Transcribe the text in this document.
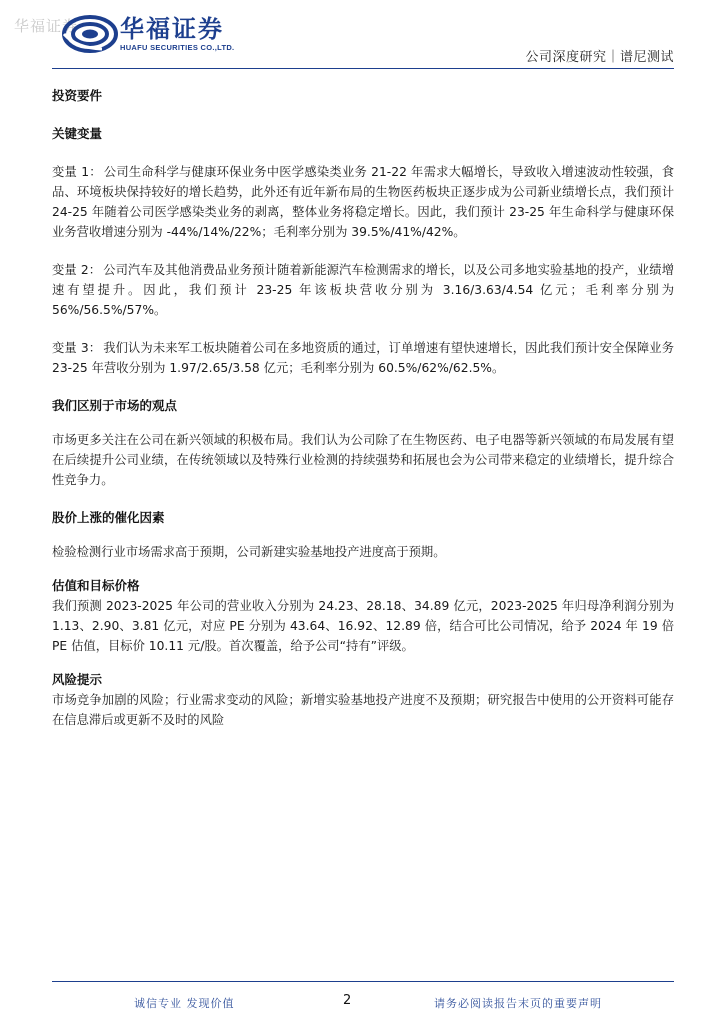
华福证券 华福证券
HUAFU SECURITIES CO.,LTD.
公司深度研究｜谱尼测试

投资要件

关键变量

变量 1： 公司生命科学与健康环保业务中医学感染类业务 21-22 年需求大幅增长，导致收入增速波动性较强，食品、环境板块保持较好的增长趋势，此外还有近年新布局的生物医药板块正逐步成为公司新业绩增长点，我们预计 24-25 年随着公司医学感染类业务的剥离，整体业务将稳定增长。因此，我们预计 23-25 年生命科学与健康环保业务营收增速分别为 -44%/14%/22%；毛利率分别为 39.5%/41%/42%。

变量 2： 公司汽车及其他消费品业务预计随着新能源汽车检测需求的增长，以及公司多地实验基地的投产，业绩增速有望提升。因此，我们预计 23-25 年该板块营收分别为 3.16/3.63/4.54 亿元；毛利率分别为 56%/56.5%/57%。

变量 3： 我们认为未来军工板块随着公司在多地资质的通过，订单增速有望快速增长，因此我们预计安全保障业务 23-25 年营收分别为 1.97/2.65/3.58 亿元；毛利率分别为 60.5%/62%/62.5%。

我们区别于市场的观点

市场更多关注在公司在新兴领域的积极布局。我们认为公司除了在生物医药、电子电器等新兴领域的布局发展有望在后续提升公司业绩，在传统领域以及特殊行业检测的持续强势和拓展也会为公司带来稳定的业绩增长，提升综合性竞争力。

股价上涨的催化因素

检验检测行业市场需求高于预期，公司新建实验基地投产进度高于预期。

估值和目标价格

我们预测 2023-2025 年公司的营业收入分别为 24.23、28.18、34.89 亿元，2023-2025 年归母净利润分别为 1.13、2.90、3.81 亿元，对应 PE 分别为 43.64、16.92、12.89 倍，结合可比公司情况，给予 2024 年 19 倍 PE 估值，目标价 10.11 元/股。首次覆盖，给予公司“持有”评级。

风险提示

市场竞争加剧的风险；行业需求变动的风险；新增实验基地投产进度不及预期；研究报告中使用的公开资料可能存在信息滞后或更新不及时的风险

诚信专业 发现价值	2	请务必阅读报告末页的重要声明
